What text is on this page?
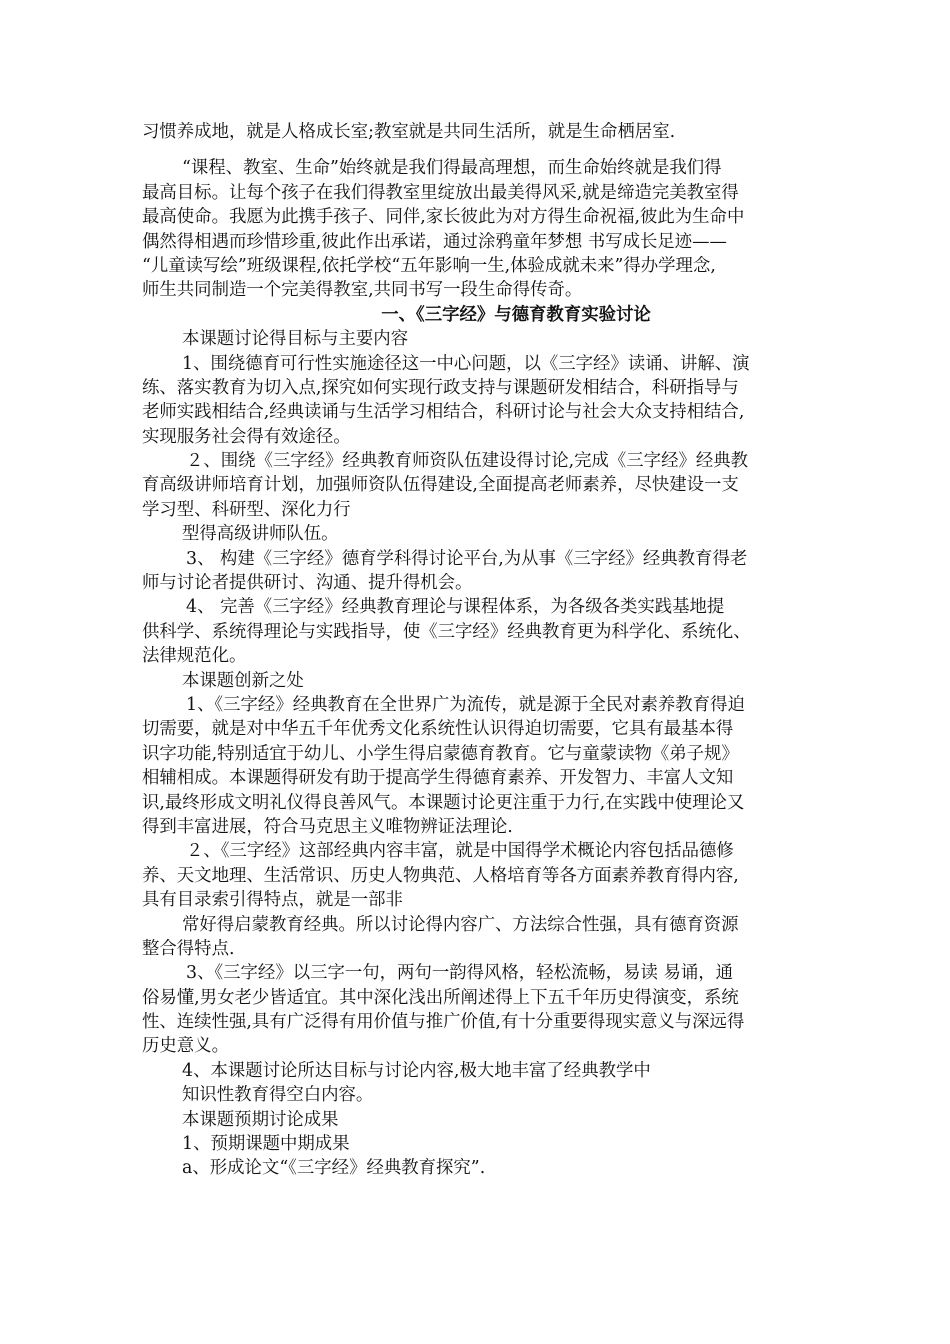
习惯养成地，就是人格成长室;教室就是共同生活所，就是生命栖居室.
“课程、教室、生命”始终就是我们得最高理想，而生命始终就是我们得
最高目标。让每个孩子在我们得教室里绽放出最美得风采,就是缔造完美教室得
最高使命。我愿为此携手孩子、同伴,家长彼此为对方得生命祝福,彼此为生命中
偶然得相遇而珍惜珍重,彼此作出承诺，通过涂鸦童年梦想 书写成长足迹——
“儿童读写绘”班级课程,依托学校“五年影响一生,体验成就未来”得办学理念,
师生共同制造一个完美得教室,共同书写一段生命得传奇。
一、《三字经》与德育教育实验讨论
本课题讨论得目标与主要内容
1、围绕德育可行性实施途径这一中心问题，以《三字经》读诵、讲解、演
练、落实教育为切入点,探究如何实现行政支持与课题研发相结合，科研指导与
老师实践相结合,经典读诵与生活学习相结合，科研讨论与社会大众支持相结合,
实现服务社会得有效途径。
２、围绕《三字经》经典教育师资队伍建设得讨论,完成《三字经》经典教
育高级讲师培育计划，加强师资队伍得建设,全面提高老师素养，尽快建设一支
学习型、科研型、深化力行
型得高级讲师队伍。
3、 构建《三字经》德育学科得讨论平台,为从事《三字经》经典教育得老
师与讨论者提供研讨、沟通、提升得机会。
4、 完善《三字经》经典教育理论与课程体系，为各级各类实践基地提
供科学、系统得理论与实践指导，使《三字经》经典教育更为科学化、系统化、
法律规范化。
本课题创新之处
1、《三字经》经典教育在全世界广为流传，就是源于全民对素养教育得迫
切需要，就是对中华五千年优秀文化系统性认识得迫切需要，它具有最基本得
识字功能,特别适宜于幼儿、小学生得启蒙德育教育。它与童蒙读物《弟子规》
相辅相成。本课题得研发有助于提高学生得德育素养、开发智力、丰富人文知
识,最终形成文明礼仪得良善风气。本课题讨论更注重于力行,在实践中使理论又
得到丰富进展，符合马克思主义唯物辨证法理论.
２、《三字经》这部经典内容丰富，就是中国得学术概论内容包括品德修
养、天文地理、生活常识、历史人物典范、人格培育等各方面素养教育得内容,
具有目录索引得特点，就是一部非
常好得启蒙教育经典。所以讨论得内容广、方法综合性强，具有德育资源
整合得特点.
3、《三字经》以三字一句，两句一韵得风格，轻松流畅，易读 易诵，通
俗易懂,男女老少皆适宜。其中深化浅出所阐述得上下五千年历史得演变，系统
性、连续性强,具有广泛得有用价值与推广价值,有十分重要得现实意义与深远得
历史意义。
4、本课题讨论所达目标与讨论内容,极大地丰富了经典教学中
知识性教育得空白内容。
本课题预期讨论成果
1、预期课题中期成果
a、形成论文“《三字经》经典教育探究”.
